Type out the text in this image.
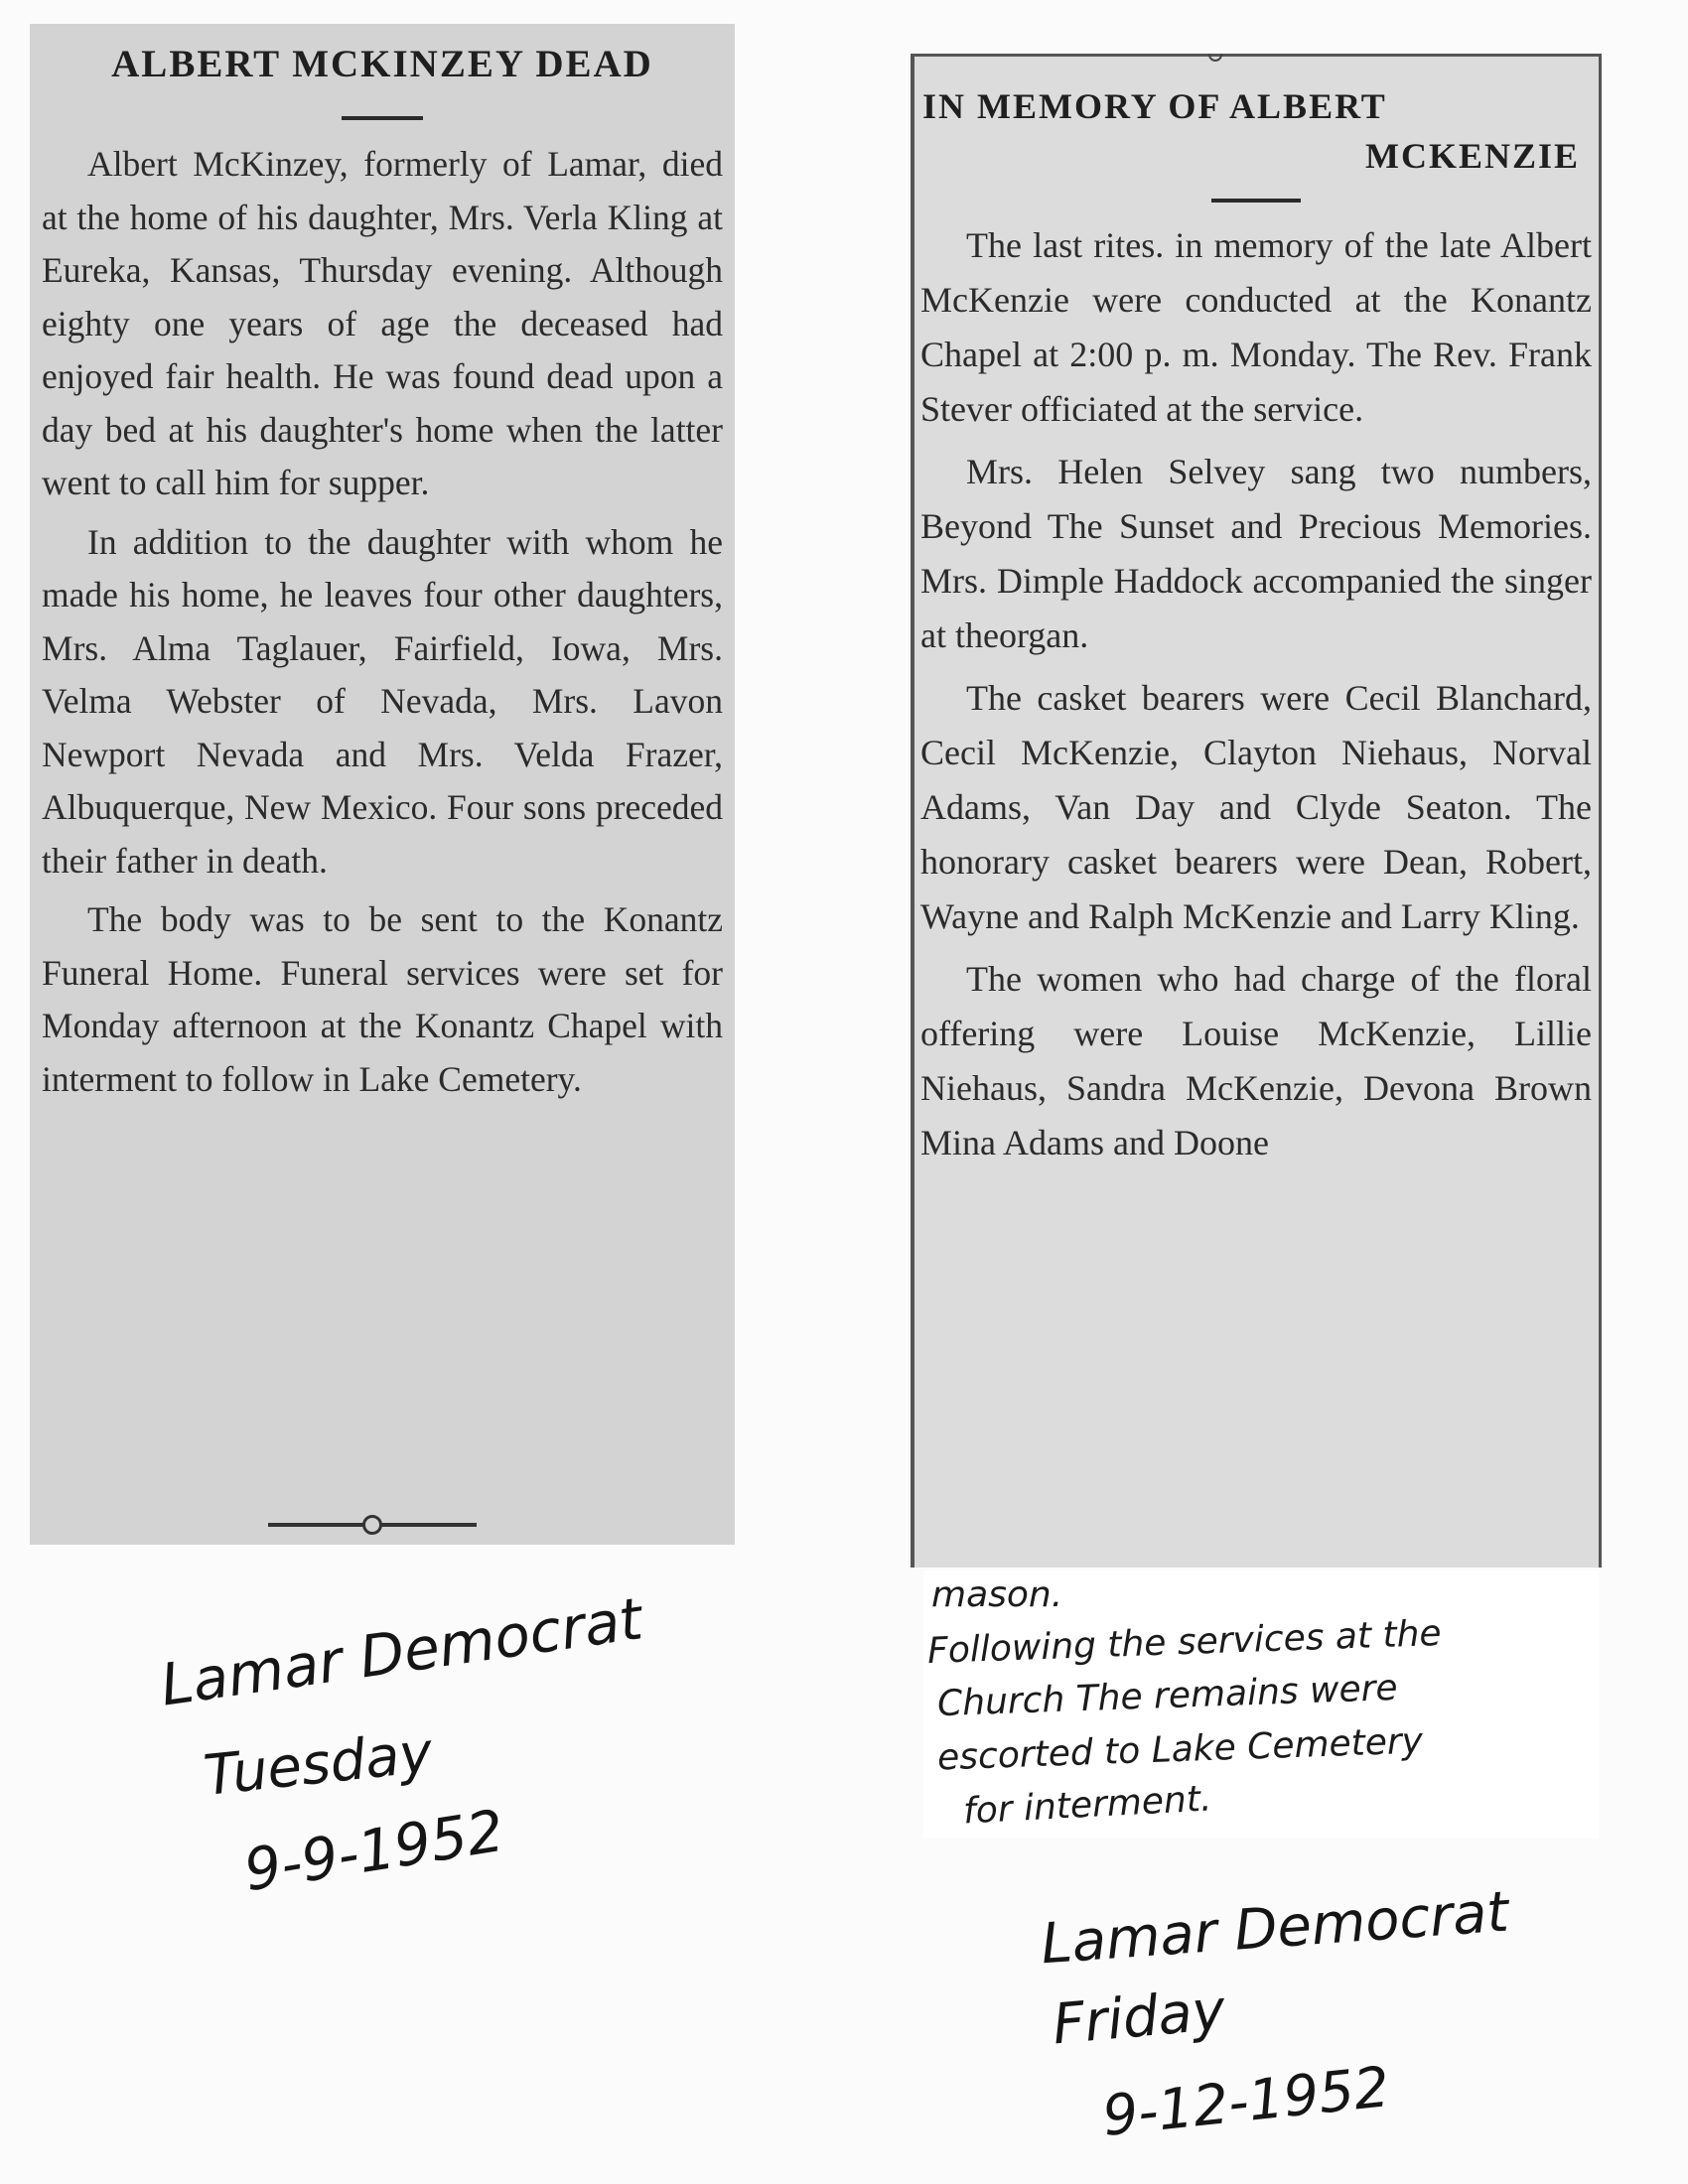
ALBERT MCKINZEY DEAD

Albert McKinzey, formerly of Lamar, died at the home of his daughter, Mrs. Verla Kling at Eureka, Kansas, Thursday evening. Although eighty one years of age the deceased had enjoyed fair health. He was found dead upon a day bed at his daughter's home when the latter went to call him for supper.

In addition to the daughter with whom he made his home, he leaves four other daughters, Mrs. Alma Taglauer, Fairfield, Iowa, Mrs. Velma Webster of Nevada, Mrs. Lavon Newport Nevada and Mrs. Velda Frazer, Albuquerque, New Mexico. Four sons preceded their father in death.

The body was to be sent to the Konantz Funeral Home. Funeral services were set for Monday afternoon at the Konantz Chapel with interment to follow in Lake Cemetery.

IN MEMORY OF ALBERT
MCKENZIE

The last rites. in memory of the late Albert McKenzie were conducted at the Konantz Chapel at 2:00 p. m. Monday. The Rev. Frank Stever officiated at the service.

Mrs. Helen Selvey sang two numbers, Beyond The Sunset and Precious Memories. Mrs. Dimple Haddock accompanied the singer at theorgan.

The casket bearers were Cecil Blanchard, Cecil McKenzie, Clayton Niehaus, Norval Adams, Van Day and Clyde Seaton. The honorary casket bearers were Dean, Robert, Wayne and Ralph McKenzie and Larry Kling.

The women who had charge of the floral offering were Louise McKenzie, Lillie Niehaus, Sandra McKenzie, Devona Brown Mina Adams and Doone

mason.
Following the services at the
Church The remains were
escorted to Lake Cemetery
for interment.
Lamar Democrat
Tuesday
9-9-1952
Lamar Democrat
Friday
9-12-1952
